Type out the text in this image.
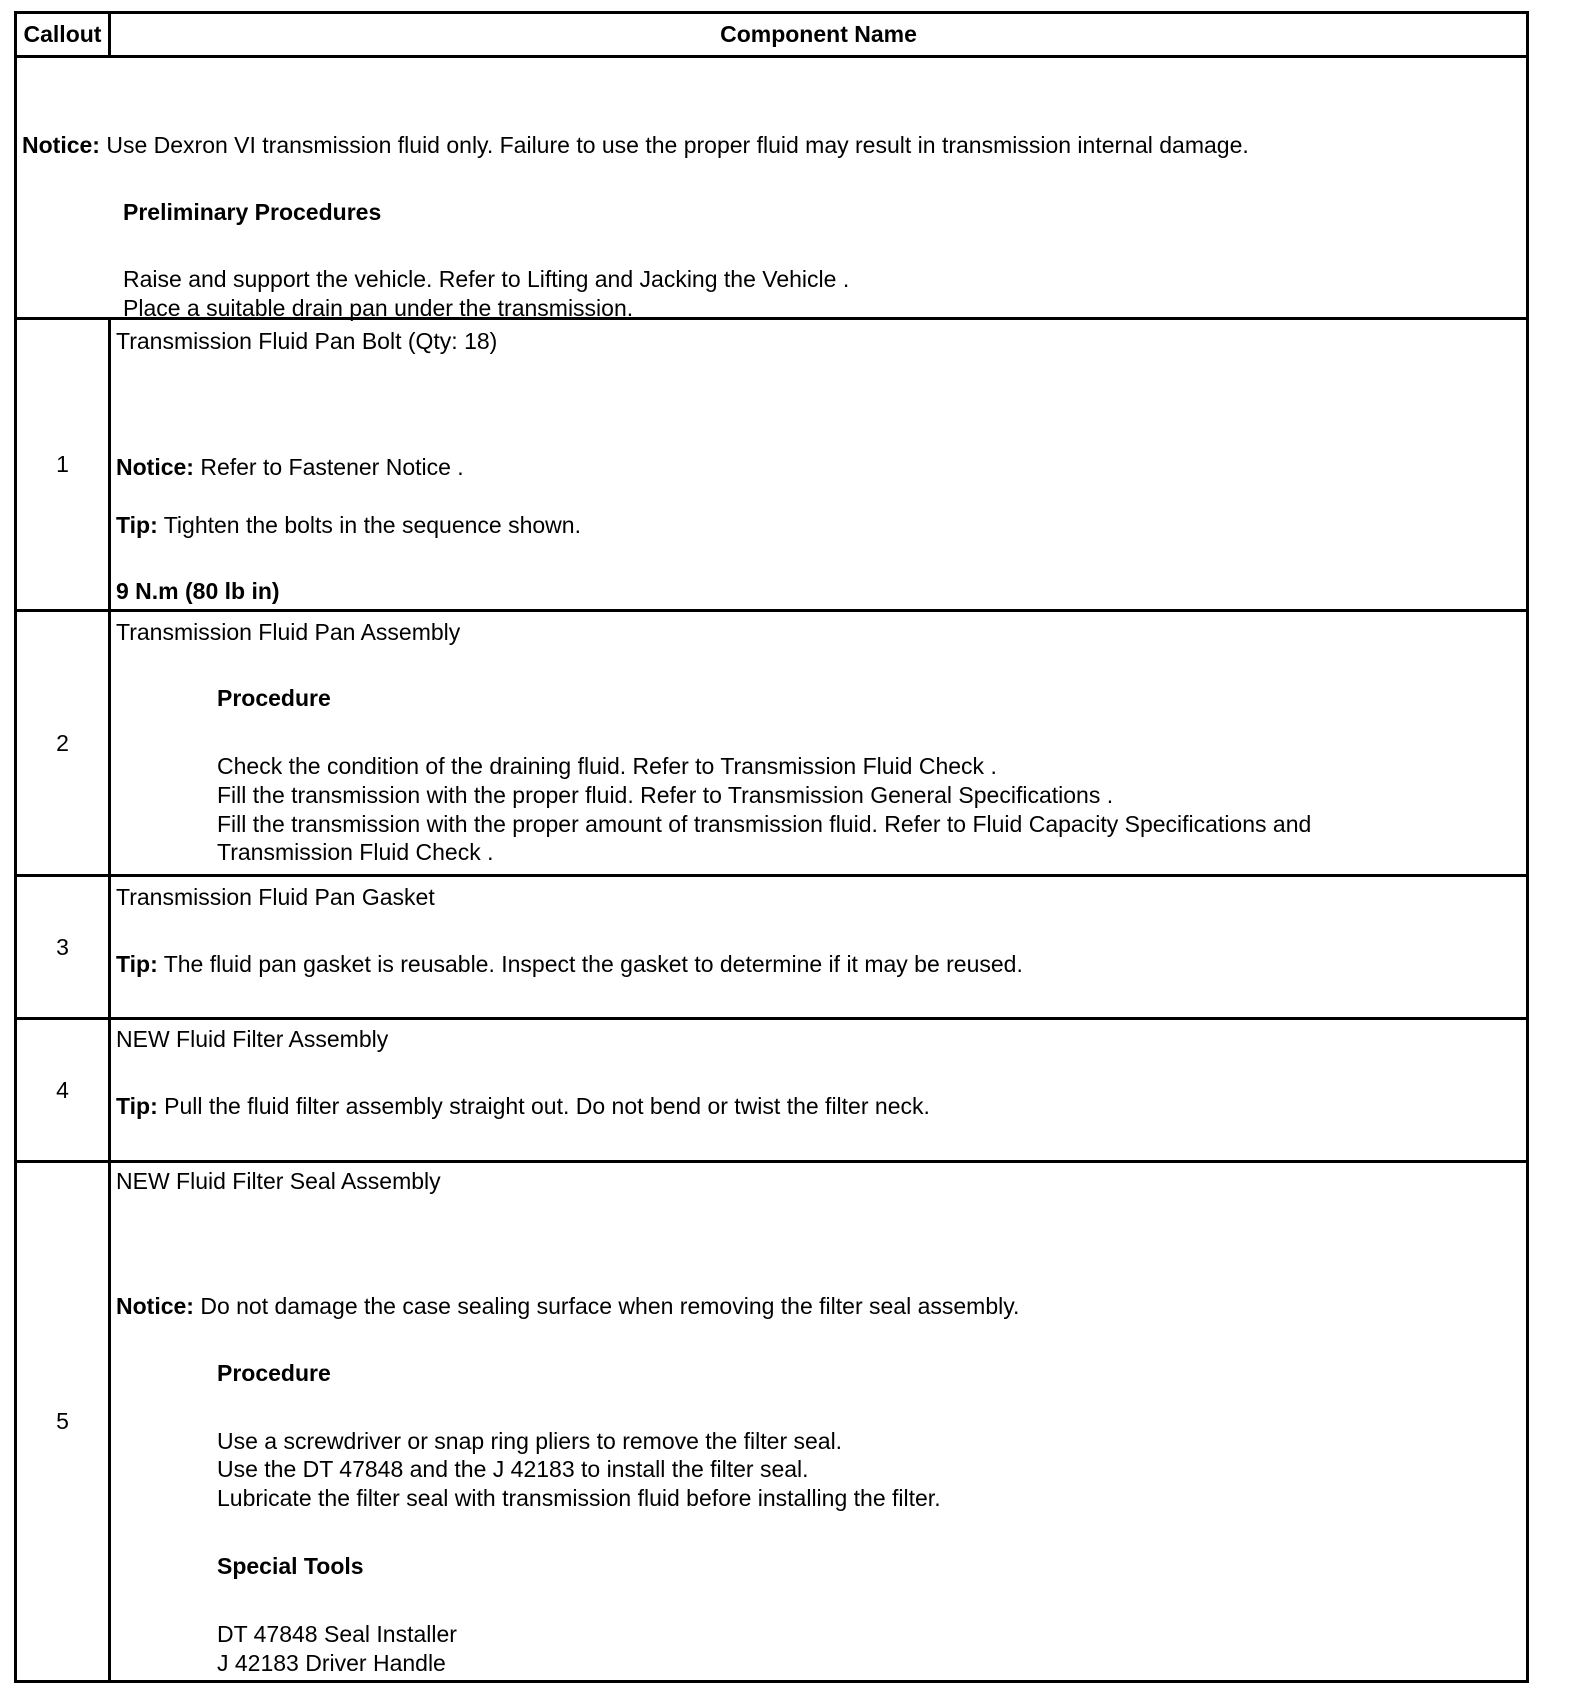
Callout	Component Name
Notice: Use Dexron VI transmission fluid only. Failure to use the proper fluid may result in transmission internal damage.
Preliminary Procedures
Raise and support the vehicle. Refer to Lifting and Jacking the Vehicle .
Place a suitable drain pan under the transmission.
1
Transmission Fluid Pan Bolt (Qty: 18)
Notice: Refer to Fastener Notice .
Tip: Tighten the bolts in the sequence shown.
9 N.m (80 lb in)
2
Transmission Fluid Pan Assembly
Procedure
Check the condition of the draining fluid. Refer to Transmission Fluid Check .
Fill the transmission with the proper fluid. Refer to Transmission General Specifications .
Fill the transmission with the proper amount of transmission fluid. Refer to Fluid Capacity Specifications and
Transmission Fluid Check .
3
Transmission Fluid Pan Gasket
Tip: The fluid pan gasket is reusable. Inspect the gasket to determine if it may be reused.
4
NEW Fluid Filter Assembly
Tip: Pull the fluid filter assembly straight out. Do not bend or twist the filter neck.
5
NEW Fluid Filter Seal Assembly
Notice: Do not damage the case sealing surface when removing the filter seal assembly.
Procedure
Use a screwdriver or snap ring pliers to remove the filter seal.
Use the DT 47848 and the J 42183 to install the filter seal.
Lubricate the filter seal with transmission fluid before installing the filter.
Special Tools
DT 47848 Seal Installer
J 42183 Driver Handle
